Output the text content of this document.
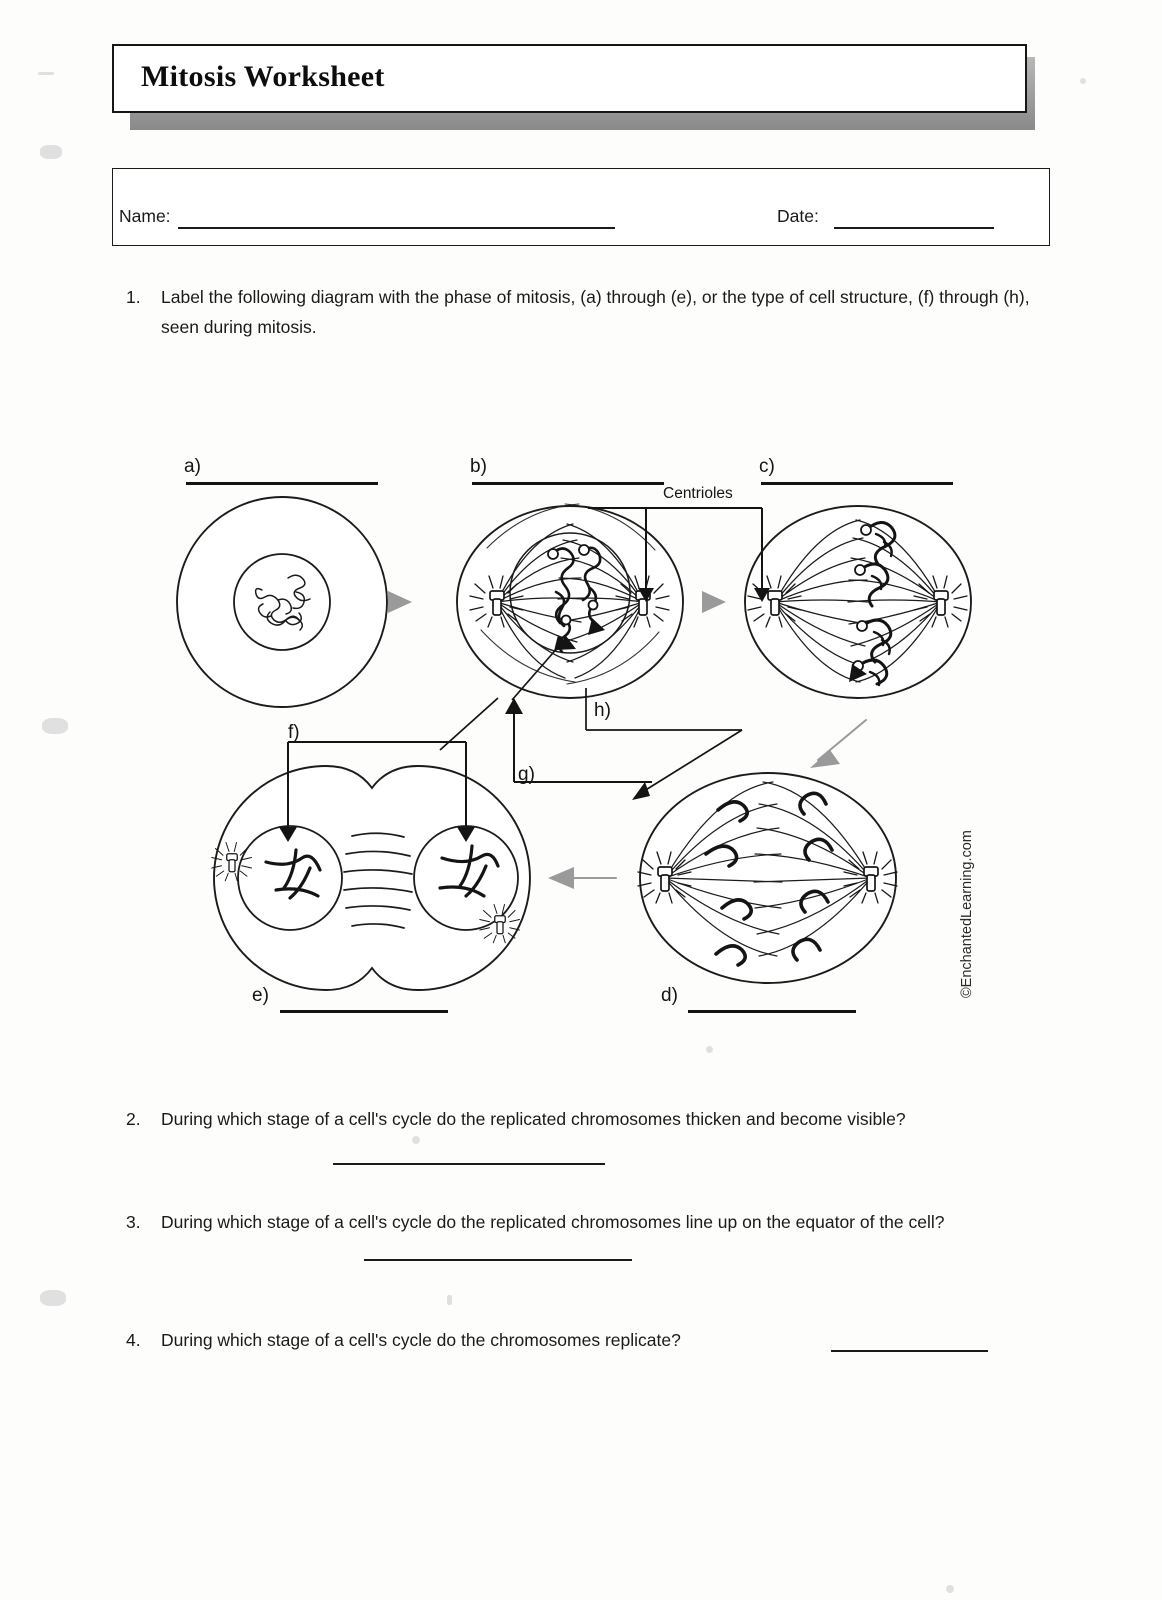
Mitosis Worksheet
Name:	Date:
1. Label the following diagram with the phase of mitosis, (a) through (e), or the type of cell structure, (f) through (h), seen during mitosis.
a)	b)	c)
d)
e)
f)
g)
h)
Centrioles
©EnchantedLearning.com
2. During which stage of a cell's cycle do the replicated chromosomes thicken and become visible?
3. During which stage of a cell's cycle do the replicated chromosomes line up on the equator of the cell?
4. During which stage of a cell's cycle do the chromosomes replicate?
